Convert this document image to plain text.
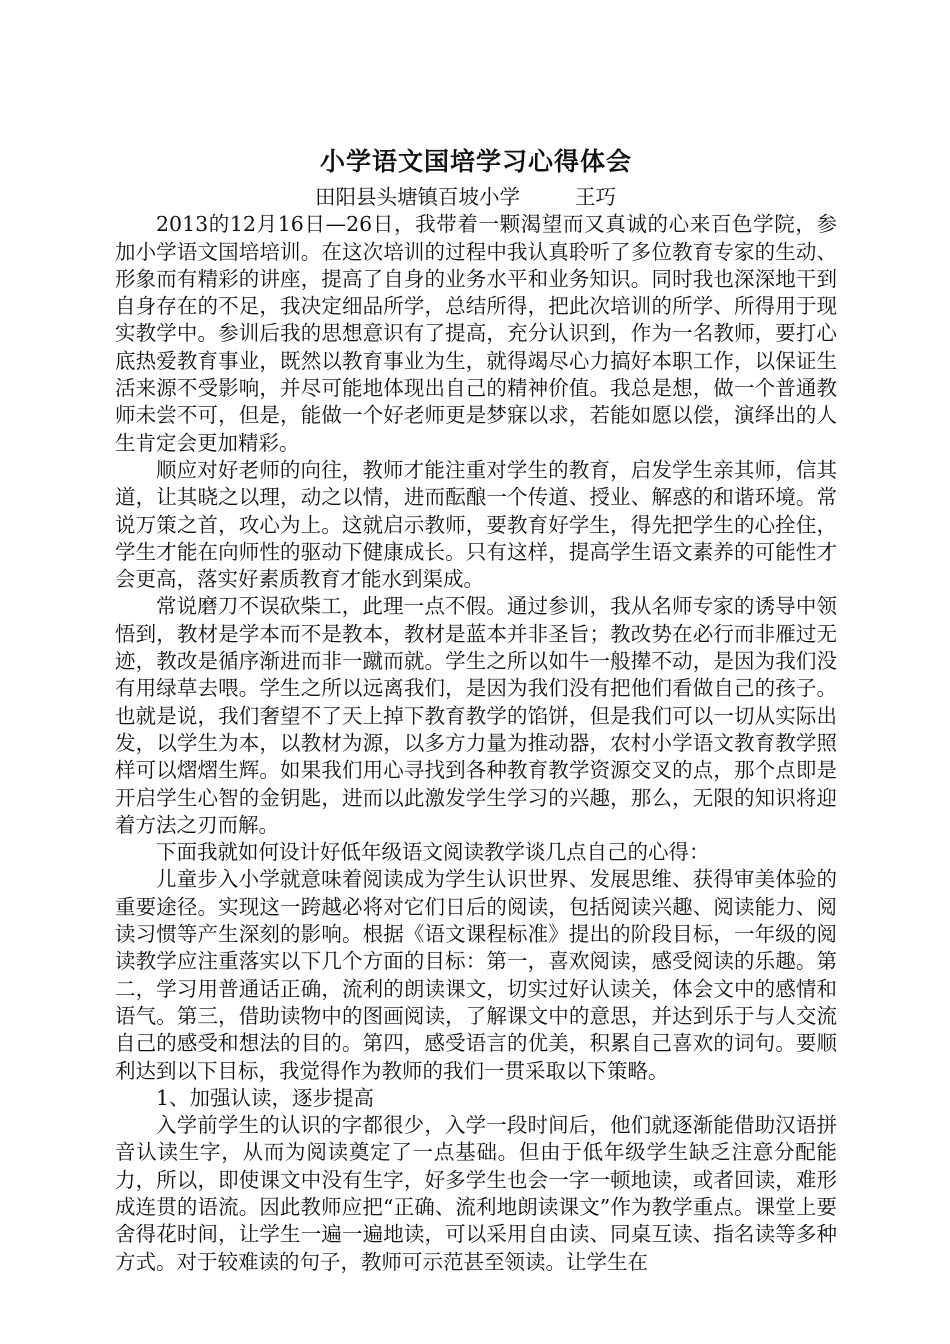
小学语文国培学习心得体会
田阳县头塘镇百坡小学	王巧

2013的12月16日—26日，我带着一颗渴望而又真诚的心来百色学院，参加小学语文国培培训。在这次培训的过程中我认真聆听了多位教育专家的生动、形象而有精彩的讲座，提高了自身的业务水平和业务知识。同时我也深深地干到自身存在的不足，我决定细品所学，总结所得，把此次培训的所学、所得用于现实教学中。参训后我的思想意识有了提高，充分认识到，作为一名教师，要打心底热爱教育事业，既然以教育事业为生，就得竭尽心力搞好本职工作，以保证生活来源不受影响，并尽可能地体现出自己的精神价值。我总是想，做一个普通教师未尝不可，但是，能做一个好老师更是梦寐以求，若能如愿以偿，演绎出的人生肯定会更加精彩。

顺应对好老师的向往，教师才能注重对学生的教育，启发学生亲其师，信其道，让其晓之以理，动之以情，进而酝酿一个传道、授业、解惑的和谐环境。常说万策之首，攻心为上。这就启示教师，要教育好学生，得先把学生的心拴住，学生才能在向师性的驱动下健康成长。只有这样，提高学生语文素养的可能性才会更高，落实好素质教育才能水到渠成。

常说磨刀不误砍柴工，此理一点不假。通过参训，我从名师专家的诱导中领悟到，教材是学本而不是教本，教材是蓝本并非圣旨；教改势在必行而非雁过无迹，教改是循序渐进而非一蹴而就。学生之所以如牛一般撵不动，是因为我们没有用绿草去喂。学生之所以远离我们，是因为我们没有把他们看做自己的孩子。也就是说，我们奢望不了天上掉下教育教学的馅饼，但是我们可以一切从实际出发，以学生为本，以教材为源，以多方力量为推动器，农村小学语文教育教学照样可以熠熠生辉。如果我们用心寻找到各种教育教学资源交叉的点，那个点即是开启学生心智的金钥匙，进而以此激发学生学习的兴趣，那么，无限的知识将迎着方法之刃而解。

下面我就如何设计好低年级语文阅读教学谈几点自己的心得：

儿童步入小学就意味着阅读成为学生认识世界、发展思维、获得审美体验的重要途径。实现这一跨越必将对它们日后的阅读，包括阅读兴趣、阅读能力、阅读习惯等产生深刻的影响。根据《语文课程标准》提出的阶段目标，一年级的阅读教学应注重落实以下几个方面的目标：第一，喜欢阅读，感受阅读的乐趣。第二，学习用普通话正确，流利的朗读课文，切实过好认读关，体会文中的感情和语气。第三，借助读物中的图画阅读，了解课文中的意思，并达到乐于与人交流自己的感受和想法的目的。第四，感受语言的优美，积累自己喜欢的词句。要顺利达到以下目标，我觉得作为教师的我们一贯采取以下策略。

1、加强认读，逐步提高

入学前学生的认识的字都很少，入学一段时间后，他们就逐渐能借助汉语拼音认读生字，从而为阅读奠定了一点基础。但由于低年级学生缺乏注意分配能力，所以，即使课文中没有生字，好多学生也会一字一顿地读，或者回读，难形成连贯的语流。因此教师应把“正确、流利地朗读课文”作为教学重点。课堂上要舍得花时间，让学生一遍一遍地读，可以采用自由读、同桌互读、指名读等多种方式。对于较难读的句子，教师可示范甚至领读。让学生在
